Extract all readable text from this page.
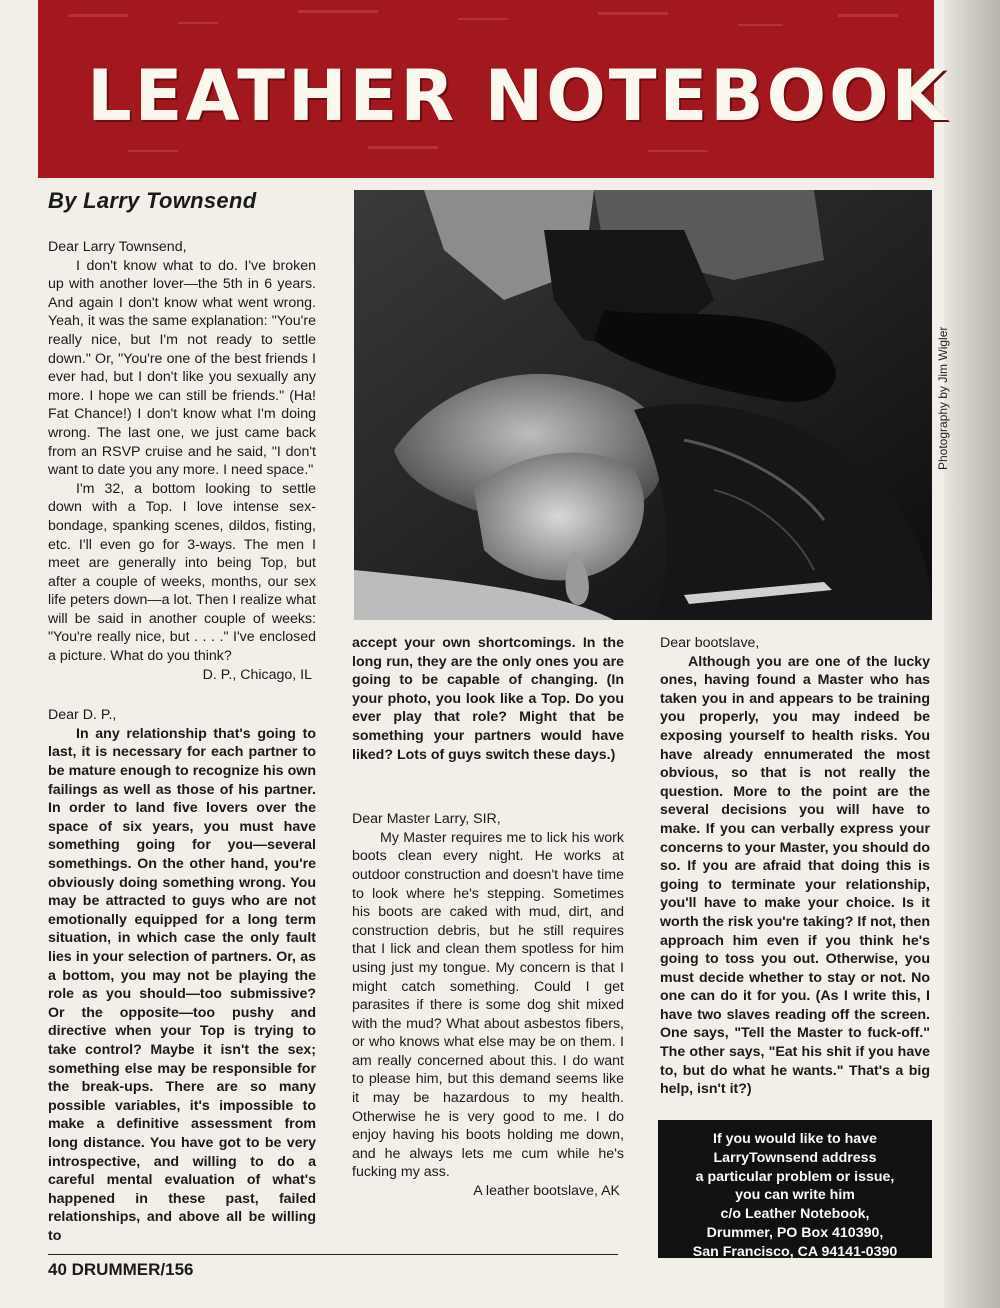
LEATHER NOTEBOOK
By Larry Townsend
Photography by Jim Wigler

Dear Larry Townsend,

I don't know what to do. I've broken up with another lover—the 5th in 6 years. And again I don't know what went wrong. Yeah, it was the same explanation: "You're really nice, but I'm not ready to settle down." Or, "You're one of the best friends I ever had, but I don't like you sexually any more. I hope we can still be friends." (Ha! Fat Chance!) I don't know what I'm doing wrong. The last one, we just came back from an RSVP cruise and he said, "I don't want to date you any more. I need space."

I'm 32, a bottom looking to settle down with a Top. I love intense sex-bondage, spanking scenes, dildos, fisting, etc. I'll even go for 3-ways. The men I meet are generally into being Top, but after a couple of weeks, months, our sex life peters down—a lot. Then I realize what will be said in another couple of weeks: "You're really nice, but . . . ." I've enclosed a picture. What do you think?

D. P., Chicago, IL

Dear D. P.,

In any relationship that's going to last, it is necessary for each partner to be mature enough to recognize his own failings as well as those of his partner. In order to land five lovers over the space of six years, you must have something going for you—several somethings. On the other hand, you're obviously doing something wrong. You may be attracted to guys who are not emotionally equipped for a long term situation, in which case the only fault lies in your selection of partners. Or, as a bottom, you may not be playing the role as you should—too submissive? Or the opposite—too pushy and directive when your Top is trying to take control? Maybe it isn't the sex; something else may be responsible for the break-ups. There are so many possible variables, it's impossible to make a definitive assessment from long distance. You have got to be very introspective, and willing to do a careful mental evaluation of what's happened in these past, failed relationships, and above all be willing to

accept your own shortcomings. In the long run, they are the only ones you are going to be capable of changing. (In your photo, you look like a Top. Do you ever play that role? Might that be something your partners would have liked? Lots of guys switch these days.)

Dear Master Larry, SIR,

My Master requires me to lick his work boots clean every night. He works at outdoor construction and doesn't have time to look where he's stepping. Sometimes his boots are caked with mud, dirt, and construction debris, but he still requires that I lick and clean them spotless for him using just my tongue. My concern is that I might catch something. Could I get parasites if there is some dog shit mixed with the mud? What about asbestos fibers, or who knows what else may be on them. I am really concerned about this. I do want to please him, but this demand seems like it may be hazardous to my health. Otherwise he is very good to me. I do enjoy having his boots holding me down, and he always lets me cum while he's fucking my ass.

A leather bootslave, AK

Dear bootslave,

Although you are one of the lucky ones, having found a Master who has taken you in and appears to be training you properly, you may indeed be exposing yourself to health risks. You have already ennumerated the most obvious, so that is not really the question. More to the point are the several decisions you will have to make. If you can verbally express your concerns to your Master, you should do so. If you are afraid that doing this is going to terminate your relationship, you'll have to make your choice. Is it worth the risk you're taking? If not, then approach him even if you think he's going to toss you out. Otherwise, you must decide whether to stay or not. No one can do it for you. (As I write this, I have two slaves reading off the screen. One says, "Tell the Master to fuck-off." The other says, "Eat his shit if you have to, but do what he wants." That's a big help, isn't it?)

If you would like to have
LarryTownsend address
a particular problem or issue,
you can write him
c/o Leather Notebook,
Drummer, PO Box 410390,
San Francisco, CA 94141-0390
40 DRUMMER/156
